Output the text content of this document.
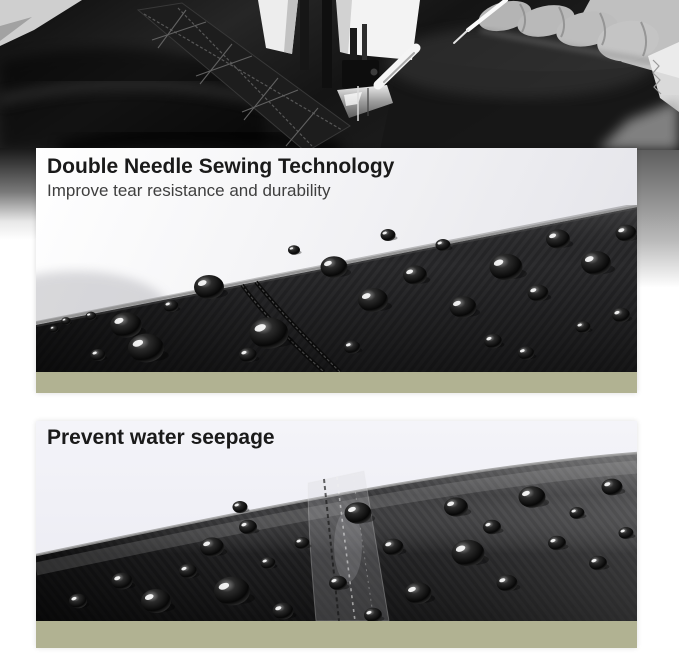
Double Needle Sewing Technology

Improve tear resistance and durability

Prevent water seepage
